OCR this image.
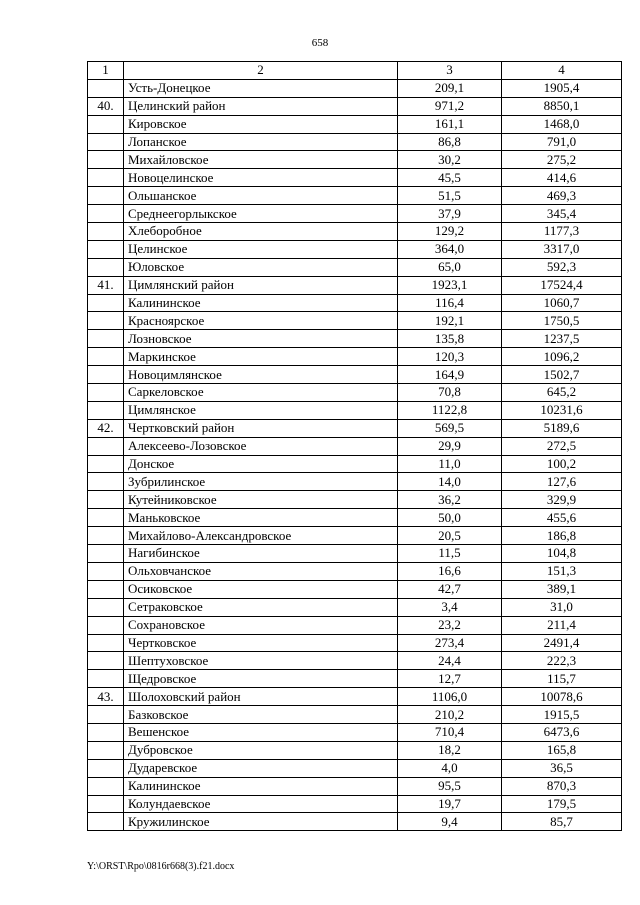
658
1	2	3	4
	Усть-Донецкое	209,1	1905,4
40.	Целинский район	971,2	8850,1
	Кировское	161,1	1468,0
	Лопанское	86,8	791,0
	Михайловское	30,2	275,2
	Новоцелинское	45,5	414,6
	Ольшанское	51,5	469,3
	Среднеегорлыкское	37,9	345,4
	Хлеборобное	129,2	1177,3
	Целинское	364,0	3317,0
	Юловское	65,0	592,3
41.	Цимлянский район	1923,1	17524,4
	Калининское	116,4	1060,7
	Красноярское	192,1	1750,5
	Лозновское	135,8	1237,5
	Маркинское	120,3	1096,2
	Новоцимлянское	164,9	1502,7
	Саркеловское	70,8	645,2
	Цимлянское	1122,8	10231,6
42.	Чертковский район	569,5	5189,6
	Алексеево-Лозовское	29,9	272,5
	Донское	11,0	100,2
	Зубрилинское	14,0	127,6
	Кутейниковское	36,2	329,9
	Маньковское	50,0	455,6
	Михайлово-Александровское	20,5	186,8
	Нагибинское	11,5	104,8
	Ольховчанское	16,6	151,3
	Осиковское	42,7	389,1
	Сетраковское	3,4	31,0
	Сохрановское	23,2	211,4
	Чертковское	273,4	2491,4
	Шептуховское	24,4	222,3
	Щедровское	12,7	115,7
43.	Шолоховский район	1106,0	10078,6
	Базковское	210,2	1915,5
	Вешенское	710,4	6473,6
	Дубровское	18,2	165,8
	Дударевское	4,0	36,5
	Калининское	95,5	870,3
	Колундаевское	19,7	179,5
	Кружилинское	9,4	85,7
Y:\ORST\Rpo\0816r668(3).f21.docx
